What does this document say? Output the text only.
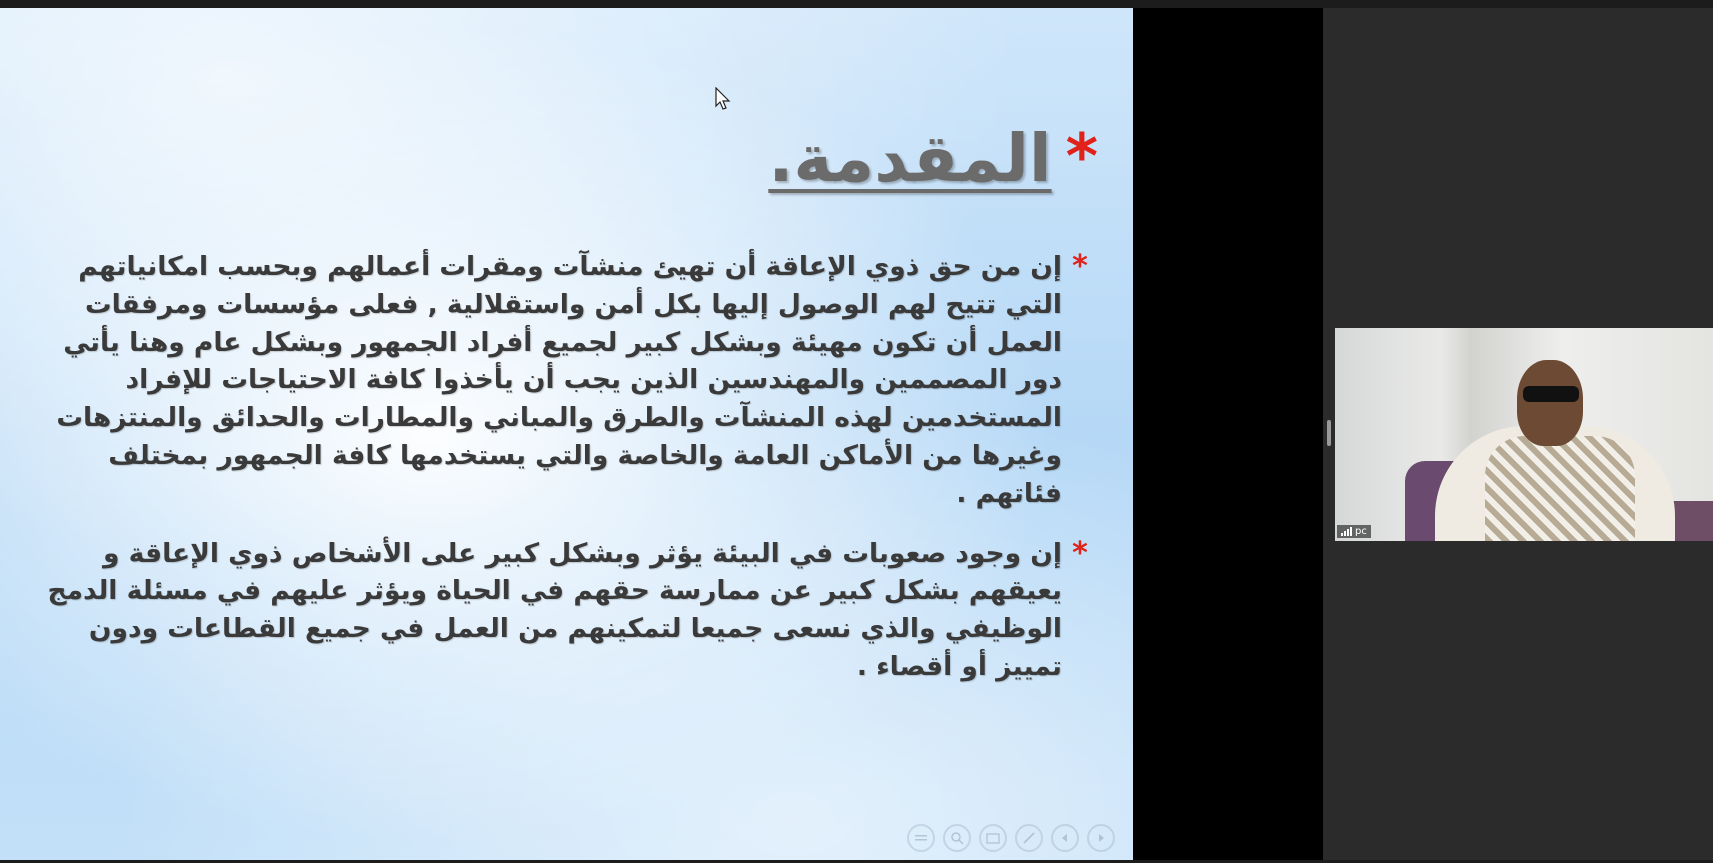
*
المقدمة.
*
إن من حق ذوي الإعاقة أن تهيئ منشآت ومقرات أعمالهم وبحسب امكانياتهم التي تتيح لهم الوصول إليها بكل أمن واستقلالية , فعلى مؤسسات ومرفقات العمل أن تكون مهيئة وبشكل كبير لجميع أفراد الجمهور وبشكل عام وهنا يأتي دور المصممين والمهندسين الذين يجب أن يأخذوا كافة الاحتياجات للإفراد المستخدمين لهذه المنشآت والطرق والمباني والمطارات والحدائق والمنتزهات وغيرها من الأماكن العامة والخاصة والتي يستخدمها كافة الجمهور بمختلف فئاتهم .
*
إن وجود صعوبات في البيئة يؤثر وبشكل كبير على الأشخاص ذوي الإعاقة و يعيقهم بشكل كبير عن ممارسة حقهم في الحياة ويؤثر عليهم في مسئلة الدمج الوظيفي والذي نسعى جميعا لتمكينهم من العمل في جميع القطاعات ودون تمييز أو أقصاء .
pc
